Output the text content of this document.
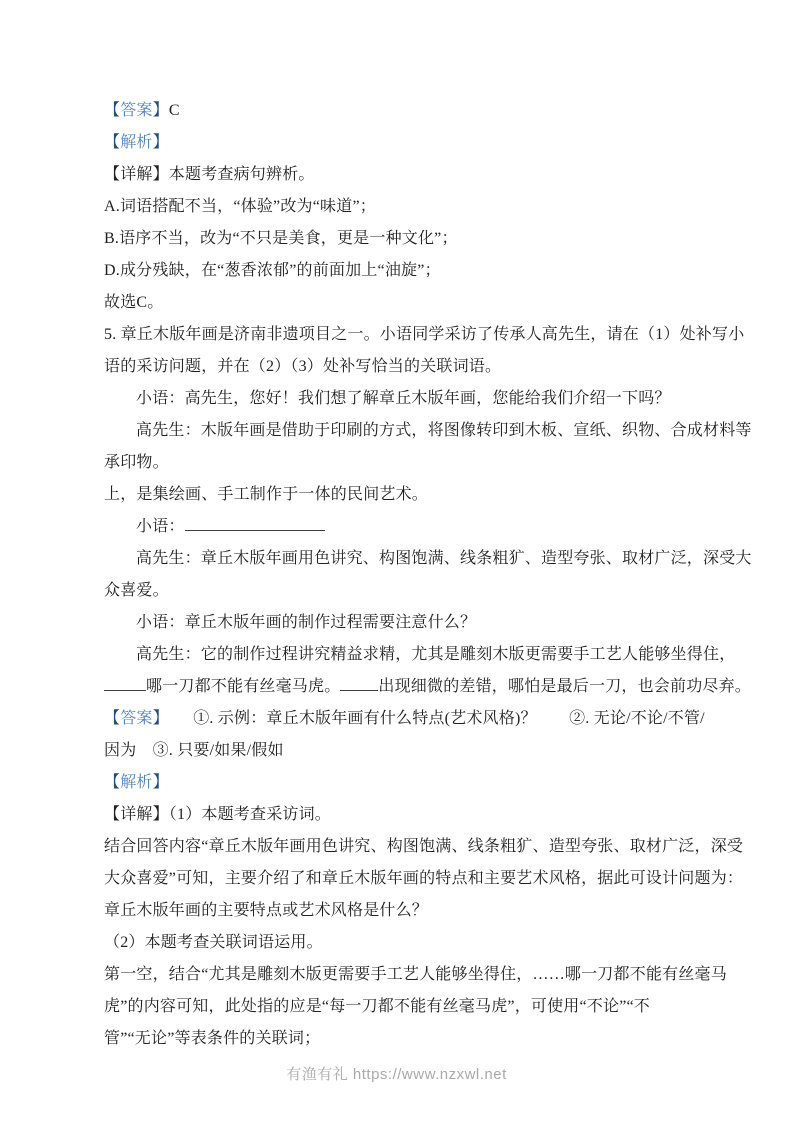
【答案】C
【解析】
【详解】本题考查病句辨析。
A.词语搭配不当，“体验”改为“味道”；
B.语序不当，改为“不只是美食，更是一种文化”；
D.成分残缺，在“葱香浓郁”的前面加上“油旋”；
故选C。
5. 章丘木版年画是济南非遗项目之一。小语同学采访了传承人高先生，请在（1）处补写小
语的采访问题，并在（2）（3）处补写恰当的关联词语。
小语：高先生，您好！我们想了解章丘木版年画，您能给我们介绍一下吗？
高先生：木版年画是借助于印刷的方式，将图像转印到木板、宣纸、织物、合成材料等
承印物。
上，是集绘画、手工制作于一体的民间艺术。
小语：
高先生：章丘木版年画用色讲究、构图饱满、线条粗犷、造型夸张、取材广泛，深受大
众喜爱。
小语：章丘木版年画的制作过程需要注意什么？
高先生：它的制作过程讲究精益求精，尤其是雕刻木版更需要手工艺人能够坐得住，
哪一刀都不能有丝毫马虎。 出现细微的差错，哪怕是最后一刀，也会前功尽弃。
【答案】　　①. 示例：章丘木版年画有什么特点(艺术风格)？　　②. 无论/不论/不管/
因为　③. 只要/如果/假如
【解析】
【详解】（1）本题考查采访词。
结合回答内容“章丘木版年画用色讲究、构图饱满、线条粗犷、造型夸张、取材广泛，深受
大众喜爱”可知，主要介绍了和章丘木版年画的特点和主要艺术风格，据此可设计问题为：
章丘木版年画的主要特点或艺术风格是什么？
（2）本题考查关联词语运用。
第一空，结合“尤其是雕刻木版更需要手工艺人能够坐得住，……哪一刀都不能有丝毫马
虎”的内容可知，此处指的应是“每一刀都不能有丝毫马虎”，可使用“不论”“不
管”“无论”等表条件的关联词；
有渔有礼 https://www.nzxwl.net
